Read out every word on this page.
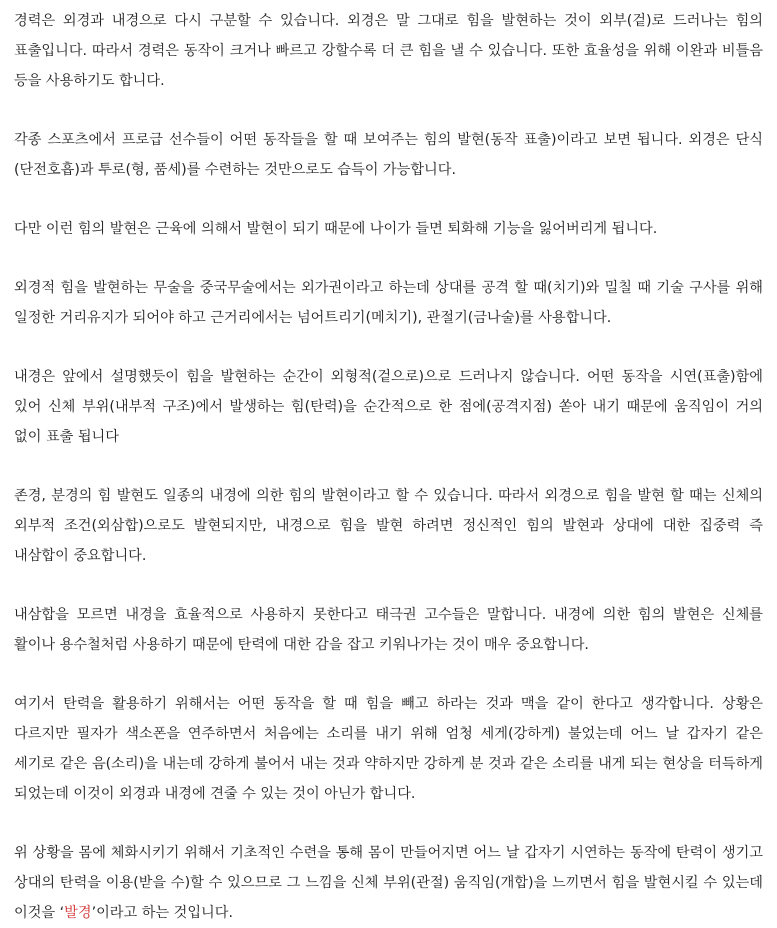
경력은 외경과 내경으로 다시 구분할 수 있습니다. 외경은 말 그대로 힘을 발현하는 것이 외부(겉)로 드러나는 힘의 표출입니다. 따라서 경력은 동작이 크거나 빠르고 강할수록 더 큰 힘을 낼 수 있습니다. 또한 효율성을 위해 이완과 비틀음 등을 사용하기도 합니다.

각종 스포츠에서 프로급 선수들이 어떤 동작들을 할 때 보여주는 힘의 발현(동작 표출)이라고 보면 됩니다. 외경은 단식(단전호흡)과 투로(형, 품세)를 수련하는 것만으로도 습득이 가능합니다.

다만 이런 힘의 발현은 근육에 의해서 발현이 되기 때문에 나이가 들면 퇴화해 기능을 잃어버리게 됩니다.

외경적 힘을 발현하는 무술을 중국무술에서는 외가권이라고 하는데 상대를 공격 할 때(치기)와 밀칠 때 기술 구사를 위해 일정한 거리유지가 되어야 하고 근거리에서는 넘어트리기(메치기), 관절기(금나술)를 사용합니다.

내경은 앞에서 설명했듯이 힘을 발현하는 순간이 외형적(겉으로)으로 드러나지 않습니다. 어떤 동작을 시연(표출)함에 있어 신체 부위(내부적 구조)에서 발생하는 힘(탄력)을 순간적으로 한 점에(공격지점) 쏟아 내기 때문에 움직임이 거의 없이 표출 됩니다

존경, 분경의 힘 발현도 일종의 내경에 의한 힘의 발현이라고 할 수 있습니다. 따라서 외경으로 힘을 발현 할 때는 신체의 외부적 조건(외삼합)으로도 발현되지만, 내경으로 힘을 발현 하려면 정신적인 힘의 발현과 상대에 대한 집중력 즉 내삼합이 중요합니다.

내삼합을 모르면 내경을 효율적으로 사용하지 못한다고 태극권 고수들은 말합니다. 내경에 의한 힘의 발현은 신체를 활이나 용수철처럼 사용하기 때문에 탄력에 대한 감을 잡고 키워나가는 것이 매우 중요합니다.

여기서 탄력을 활용하기 위해서는 어떤 동작을 할 때 힘을 빼고 하라는 것과 맥을 같이 한다고 생각합니다. 상황은 다르지만 필자가 색소폰을 연주하면서 처음에는 소리를 내기 위해 엄청 세게(강하게) 불었는데 어느 날 갑자기 같은 세기로 같은 음(소리)을 내는데 강하게 불어서 내는 것과 약하지만 강하게 분 것과 같은 소리를 내게 되는 현상을 터득하게 되었는데 이것이 외경과 내경에 견줄 수 있는 것이 아닌가 합니다.

위 상황을 몸에 체화시키기 위해서 기초적인 수련을 통해 몸이 만들어지면 어느 날 갑자기 시연하는 동작에 탄력이 생기고 상대의 탄력을 이용(받을 수)할 수 있으므로 그 느낌을 신체 부위(관절) 움직임(개합)을 느끼면서 힘을 발현시킬 수 있는데 이것을 ‘발경’이라고 하는 것입니다.
